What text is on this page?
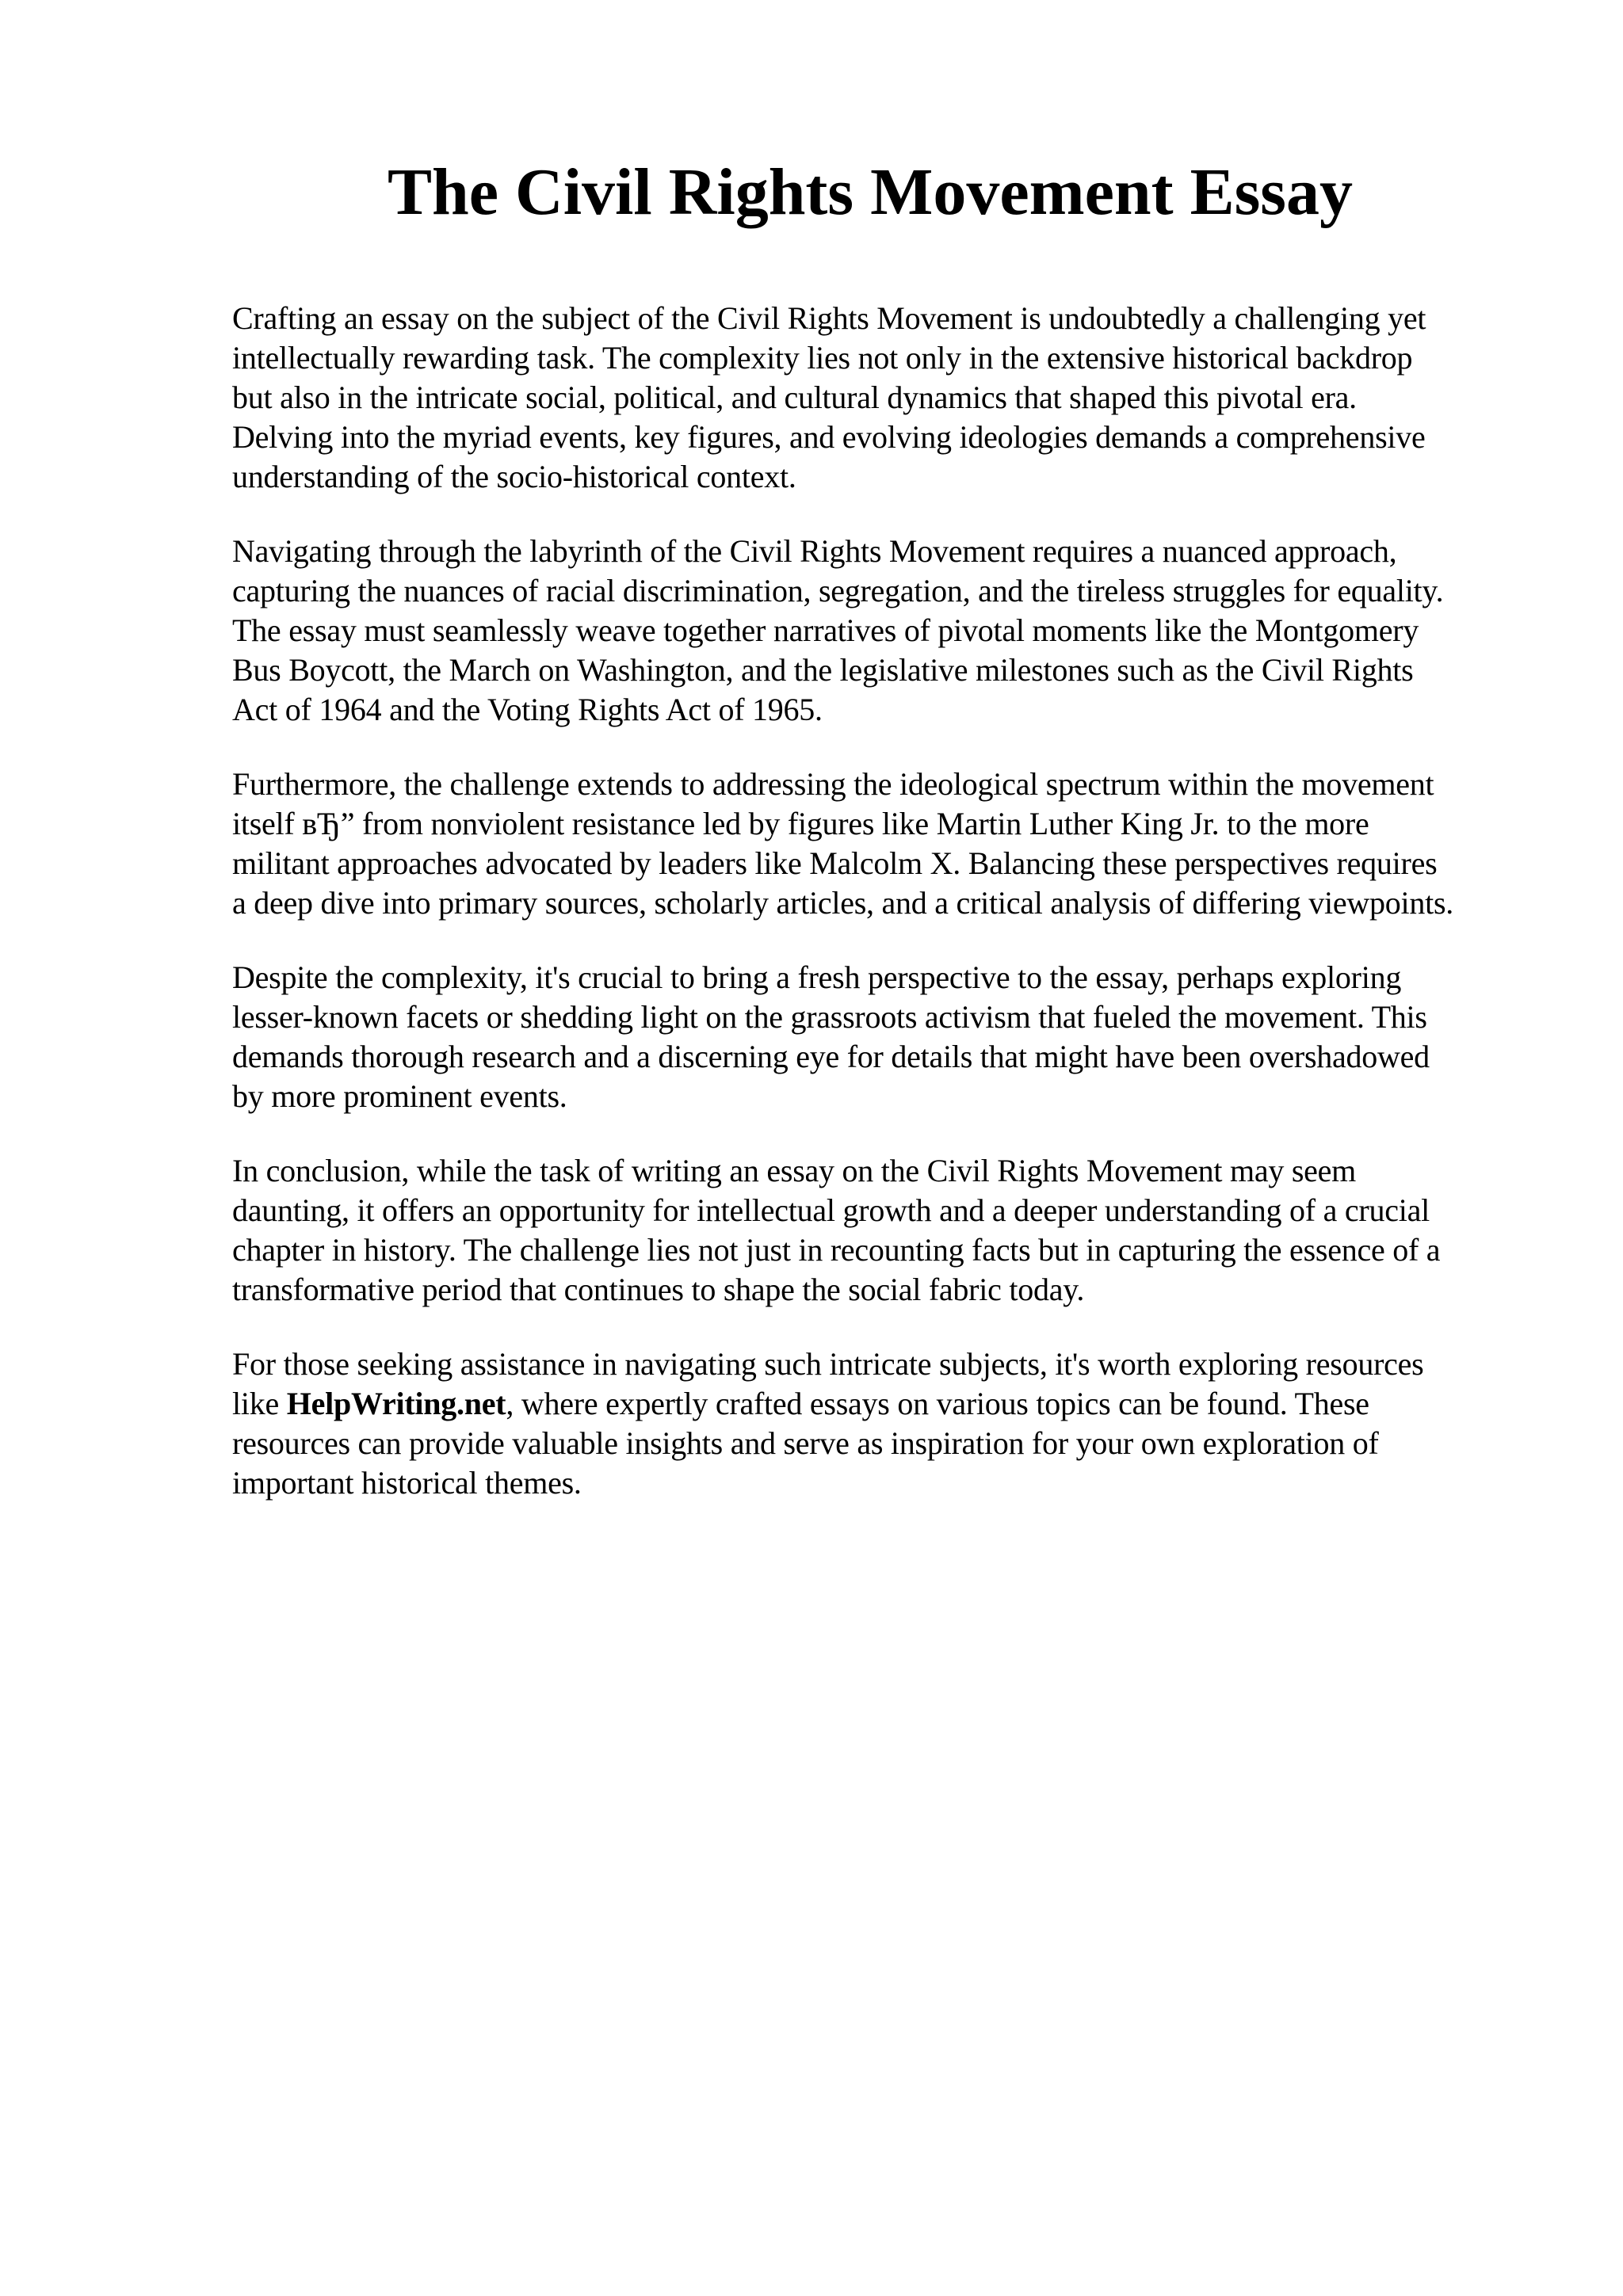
The Civil Rights Movement Essay

Crafting an essay on the subject of the Civil Rights Movement is undoubtedly a challenging yet
intellectually rewarding task. The complexity lies not only in the extensive historical backdrop
but also in the intricate social, political, and cultural dynamics that shaped this pivotal era.
Delving into the myriad events, key figures, and evolving ideologies demands a comprehensive
understanding of the socio-historical context.

Navigating through the labyrinth of the Civil Rights Movement requires a nuanced approach,
capturing the nuances of racial discrimination, segregation, and the tireless struggles for equality.
The essay must seamlessly weave together narratives of pivotal moments like the Montgomery
Bus Boycott, the March on Washington, and the legislative milestones such as the Civil Rights
Act of 1964 and the Voting Rights Act of 1965.

Furthermore, the challenge extends to addressing the ideological spectrum within the movement
itself вЂ” from nonviolent resistance led by figures like Martin Luther King Jr. to the more
militant approaches advocated by leaders like Malcolm X. Balancing these perspectives requires
a deep dive into primary sources, scholarly articles, and a critical analysis of differing viewpoints.

Despite the complexity, it's crucial to bring a fresh perspective to the essay, perhaps exploring
lesser-known facets or shedding light on the grassroots activism that fueled the movement. This
demands thorough research and a discerning eye for details that might have been overshadowed
by more prominent events.

In conclusion, while the task of writing an essay on the Civil Rights Movement may seem
daunting, it offers an opportunity for intellectual growth and a deeper understanding of a crucial
chapter in history. The challenge lies not just in recounting facts but in capturing the essence of a
transformative period that continues to shape the social fabric today.

For those seeking assistance in navigating such intricate subjects, it's worth exploring resources
like HelpWriting.net, where expertly crafted essays on various topics can be found. These
resources can provide valuable insights and serve as inspiration for your own exploration of
important historical themes.
